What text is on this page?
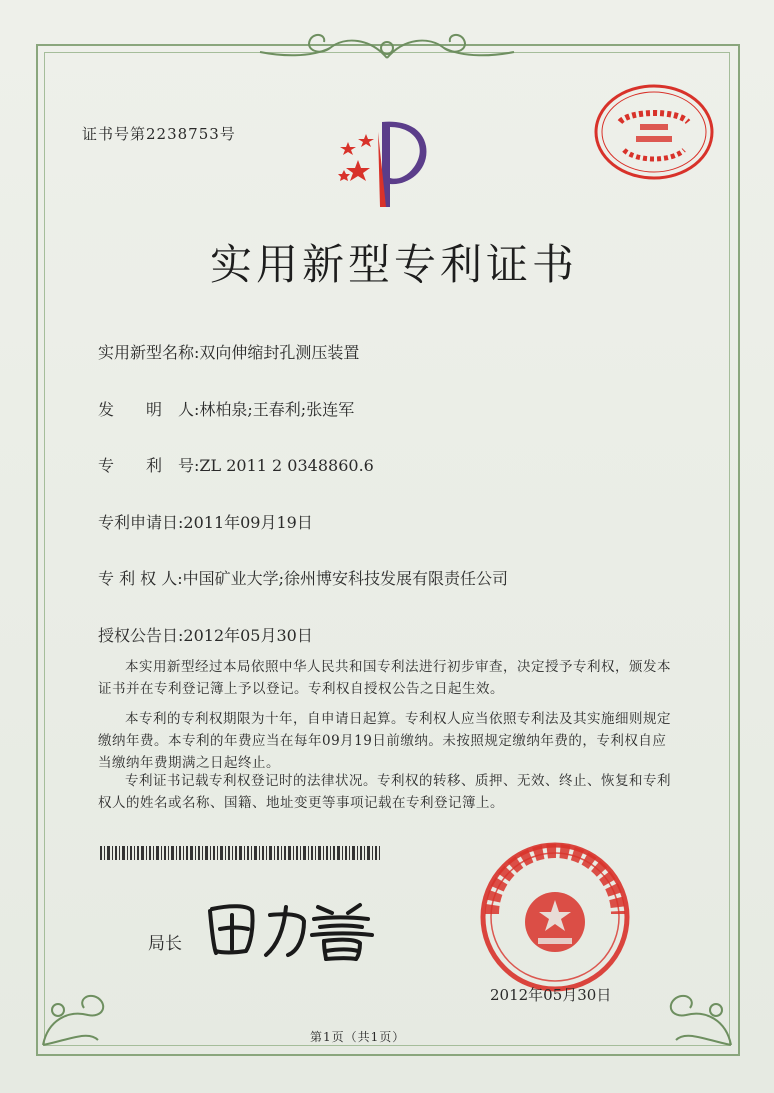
证书号第2238753号
实用新型专利证书
实用新型名称:双向伸缩封孔测压装置
发　　明　人:林柏泉;王春利;张连军
专　　利　号:ZL 2011 2 0348860.6
专利申请日:2011年09月19日
专 利 权 人:中国矿业大学;徐州博安科技发展有限责任公司
授权公告日:2012年05月30日
本实用新型经过本局依照中华人民共和国专利法进行初步审查，决定授予专利权，颁发本证书并在专利登记簿上予以登记。专利权自授权公告之日起生效。
本专利的专利权期限为十年，自申请日起算。专利权人应当依照专利法及其实施细则规定缴纳年费。本专利的年费应当在每年09月19日前缴纳。未按照规定缴纳年费的，专利权自应当缴纳年费期满之日起终止。
专利证书记载专利权登记时的法律状况。专利权的转移、质押、无效、终止、恢复和专利权人的姓名或名称、国籍、地址变更等事项记载在专利登记簿上。
局长
2012年05月30日
第1页（共1页）
